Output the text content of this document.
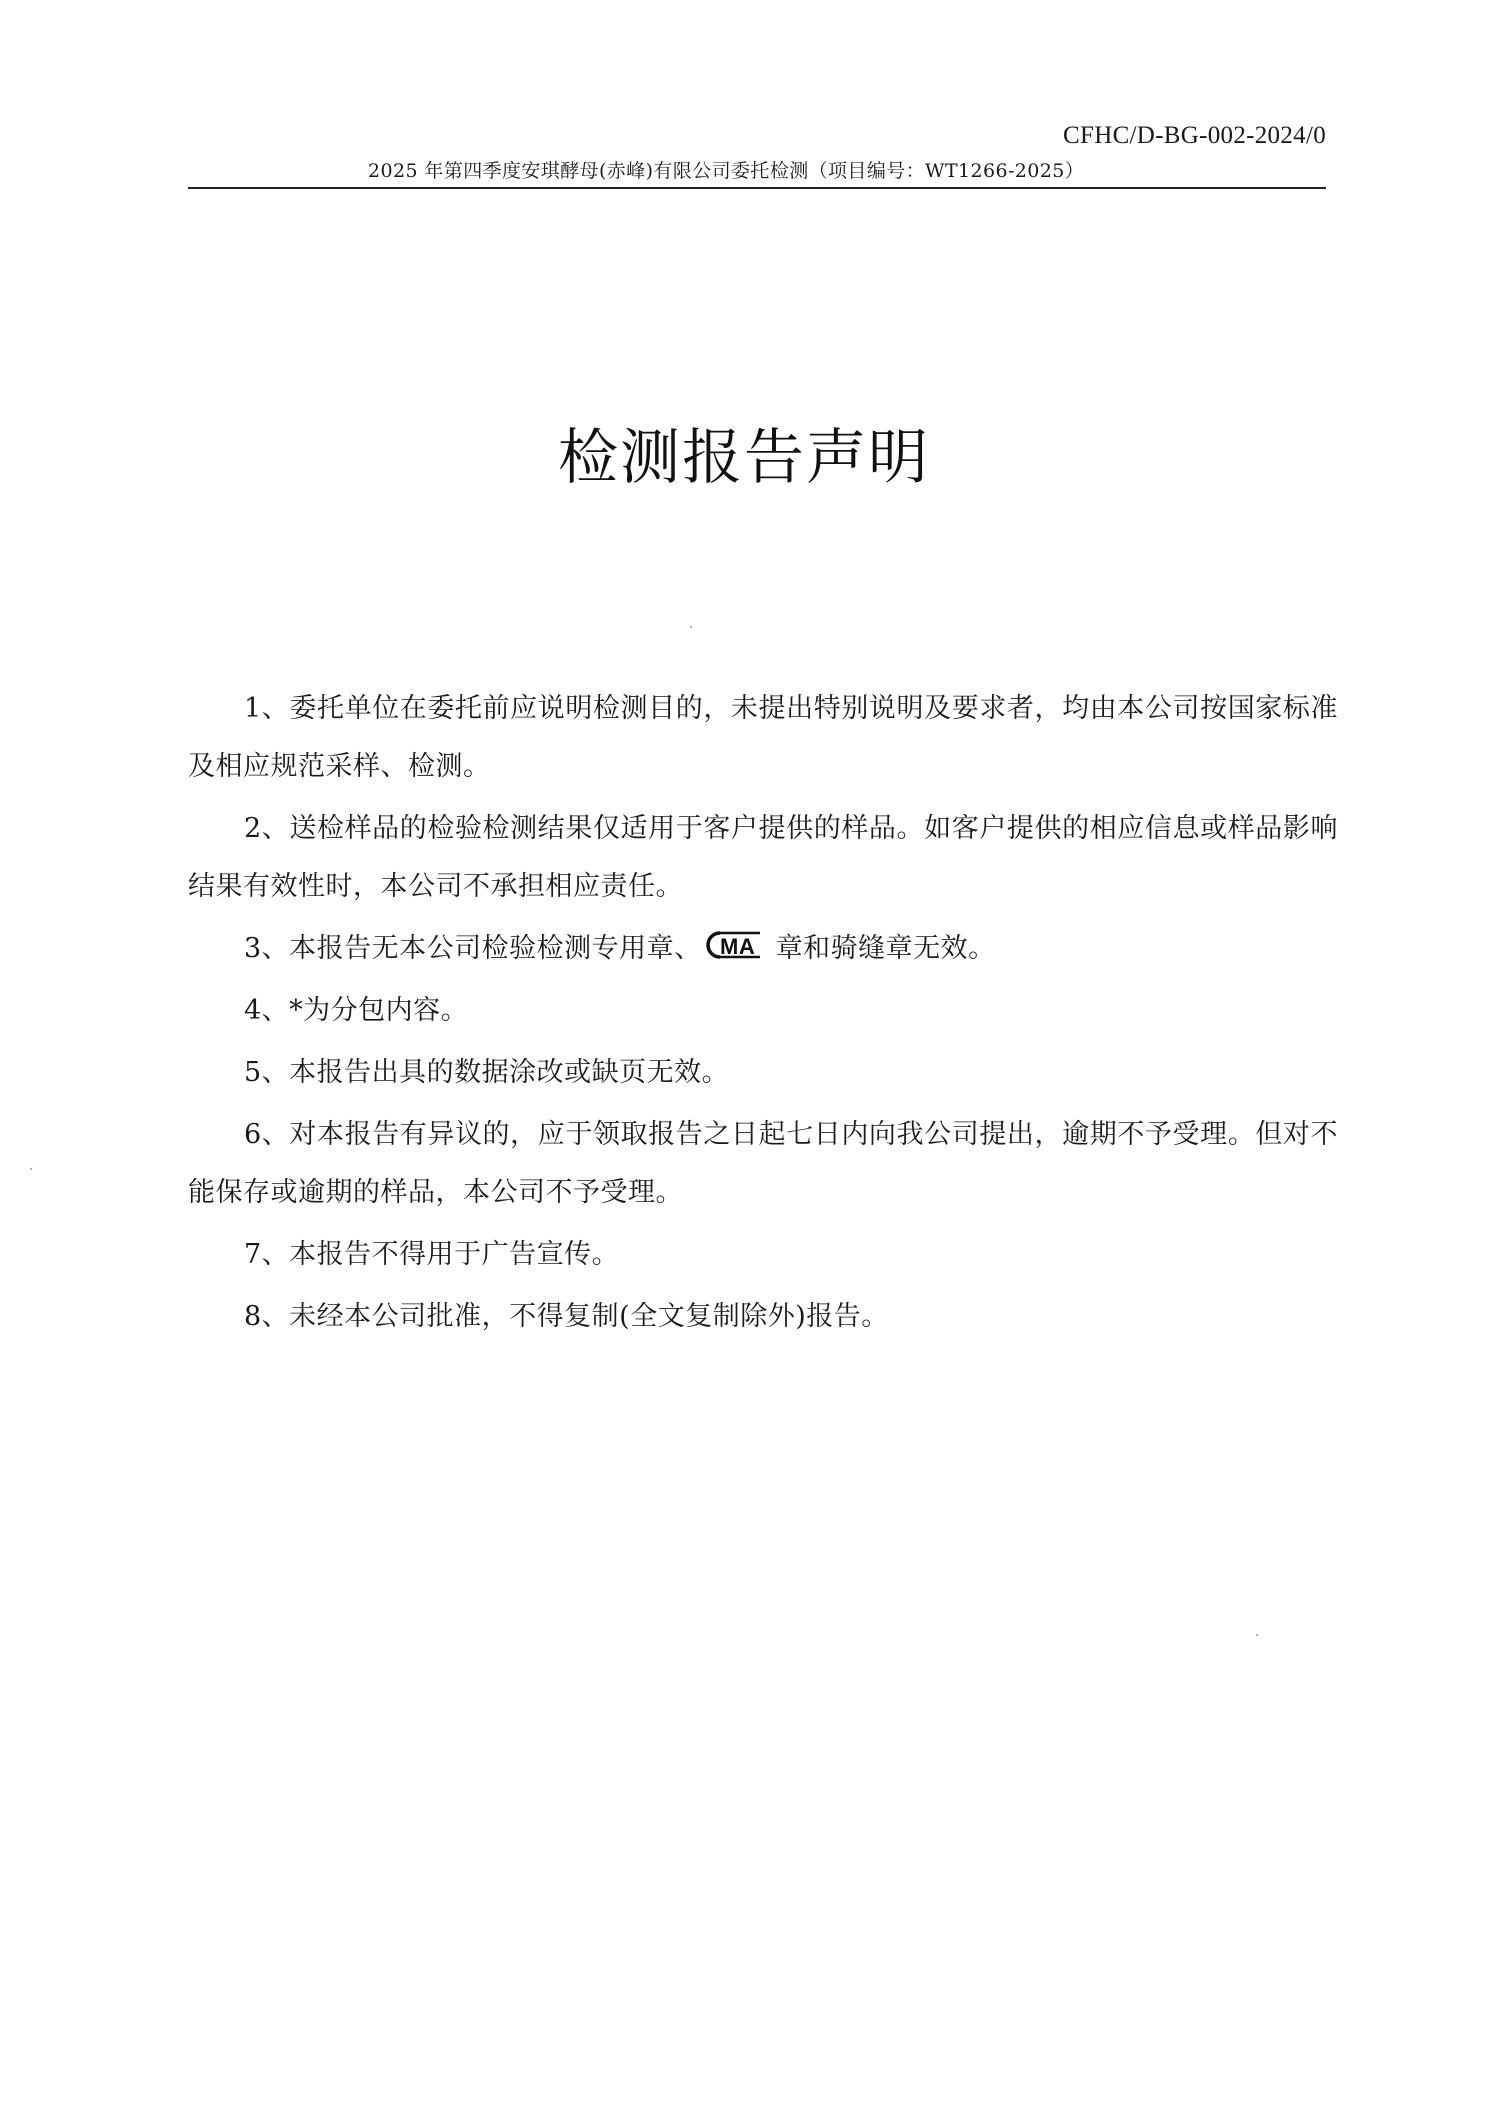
CFHC/D-BG-002-2024/0
2025 年第四季度安琪酵母(赤峰)有限公司委托检测（项目编号：WT1266-2025）
检测报告声明

1、委托单位在委托前应说明检测目的，未提出特别说明及要求者，均由本公司按国家标准及相应规范采样、检测。

2、送检样品的检验检测结果仅适用于客户提供的样品。如客户提供的相应信息或样品影响结果有效性时，本公司不承担相应责任。

3、本报告无本公司检验检测专用章、 MA 章和骑缝章无效。

4、*为分包内容。

5、本报告出具的数据涂改或缺页无效。

6、对本报告有异议的，应于领取报告之日起七日内向我公司提出，逾期不予受理。但对不能保存或逾期的样品，本公司不予受理。

7、本报告不得用于广告宣传。

8、未经本公司批准，不得复制(全文复制除外)报告。
